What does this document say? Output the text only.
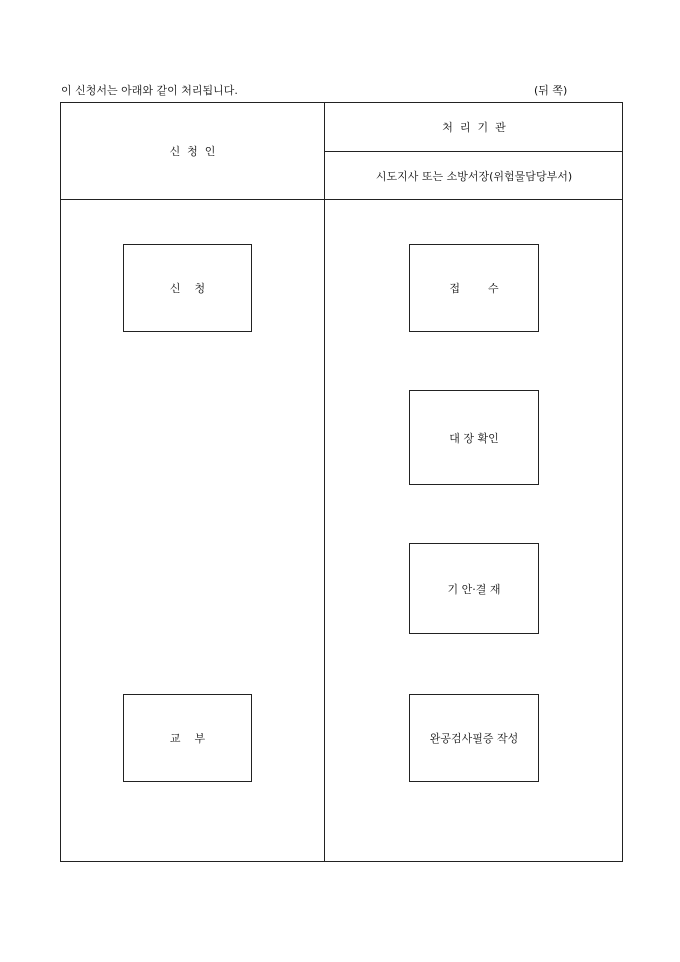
이 신청서는 아래와 같이 처리됩니다.	(뒤 쪽)
신  청  인
처  리  기  관
시도지사 또는 소방서장(위험물담당부서)
신    청
교    부
접        수
대 장 확인
기 안·결 재
완공검사필증 작성
